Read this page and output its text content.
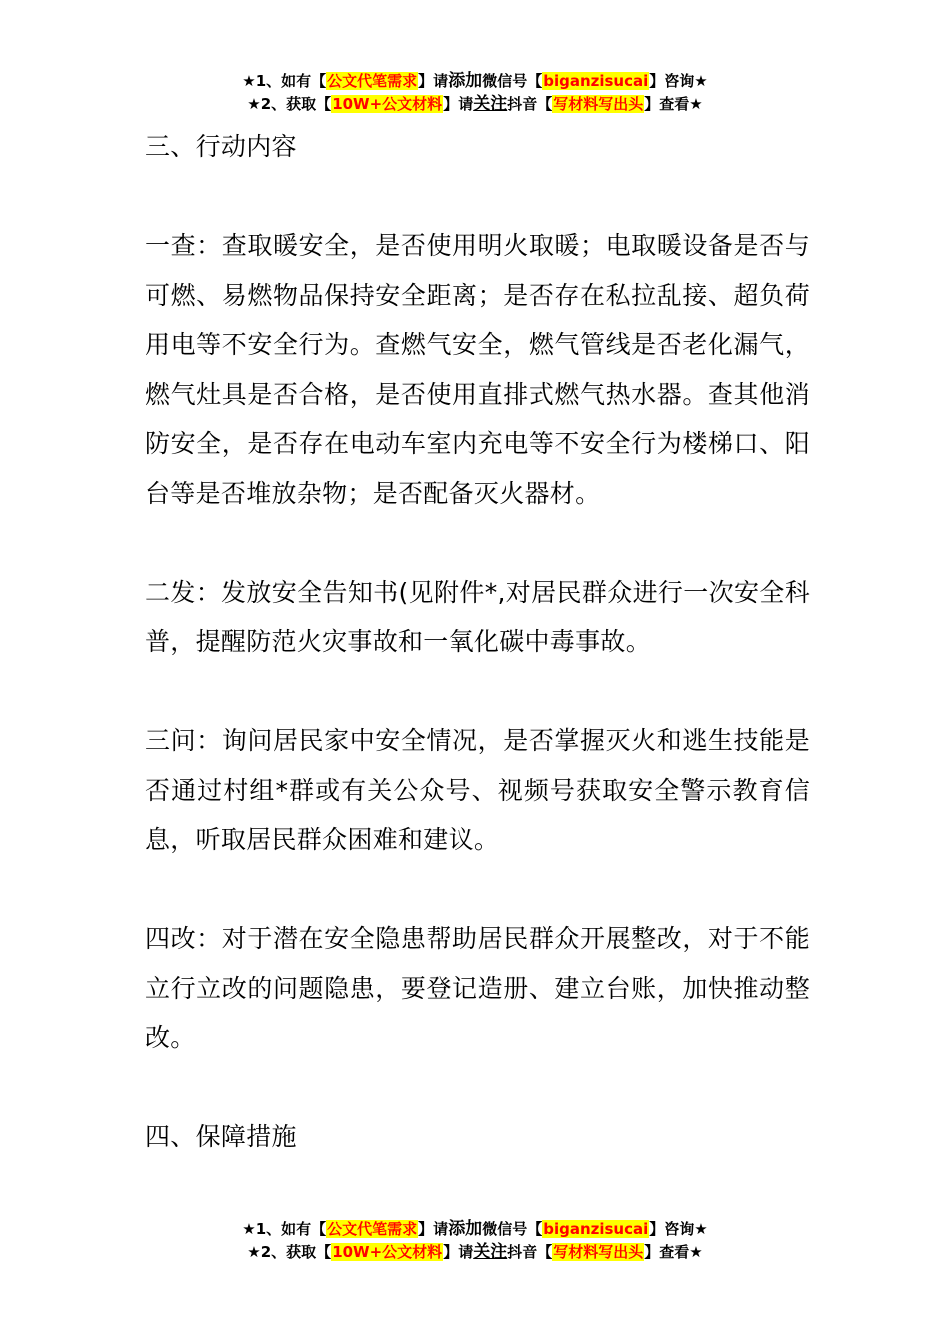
★1、如有【公文代笔需求】请添加微信号【biganzisucai】咨询★
★2、获取【10W+公文材料】请关注抖音【写材料写出头】查看★

三、行动内容

一查：查取暖安全，是否使用明火取暖；电取暖设备是否与可燃、易燃物品保持安全距离；是否存在私拉乱接、超负荷用电等不安全行为。查燃气安全，燃气管线是否老化漏气，燃气灶具是否合格，是否使用直排式燃气热水器。查其他消防安全，是否存在电动车室内充电等不安全行为楼梯口、阳台等是否堆放杂物；是否配备灭火器材。

二发：发放安全告知书(见附件*,对居民群众进行一次安全科普，提醒防范火灾事故和一氧化碳中毒事故。

三问：询问居民家中安全情况，是否掌握灭火和逃生技能是否通过村组*群或有关公众号、视频号获取安全警示教育信息，听取居民群众困难和建议。

四改：对于潜在安全隐患帮助居民群众开展整改，对于不能立行立改的问题隐患，要登记造册、建立台账，加快推动整改。

四、保障措施

★1、如有【公文代笔需求】请添加微信号【biganzisucai】咨询★
★2、获取【10W+公文材料】请关注抖音【写材料写出头】查看★
